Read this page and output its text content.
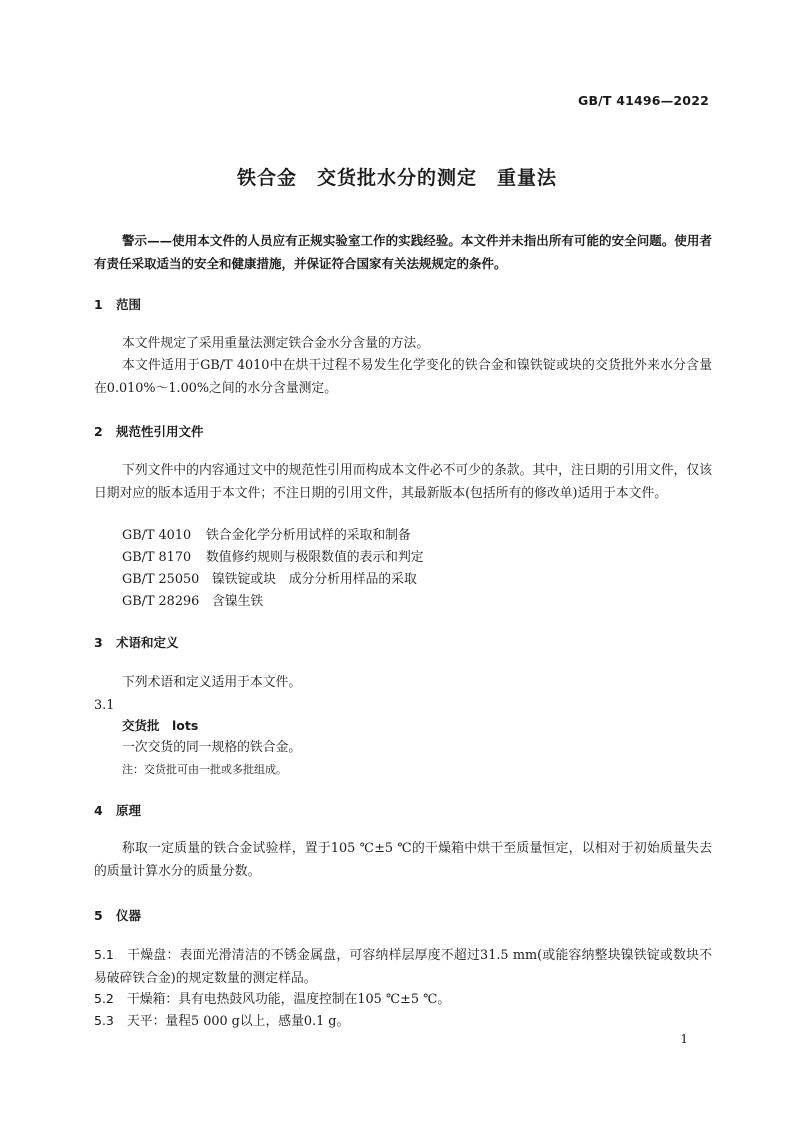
GB/T 41496—2022
铁合金　交货批水分的测定　重量法
警示——使用本文件的人员应有正规实验室工作的实践经验。本文件并未指出所有可能的安全问题。使用者有责任采取适当的安全和健康措施，并保证符合国家有关法规规定的条件。
1 范围
本文件规定了采用重量法测定铁合金水分含量的方法。
本文件适用于GB/T 4010中在烘干过程不易发生化学变化的铁合金和镍铁锭或块的交货批外来水分含量在0.010%～1.00%之间的水分含量测定。
2 规范性引用文件
下列文件中的内容通过文中的规范性引用而构成本文件必不可少的条款。其中，注日期的引用文件，仅该日期对应的版本适用于本文件；不注日期的引用文件，其最新版本(包括所有的修改单)适用于本文件。
GB/T 4010 铁合金化学分析用试样的采取和制备
GB/T 8170 数值修约规则与极限数值的表示和判定
GB/T 25050 镍铁锭或块　成分分析用样品的采取
GB/T 28296 含镍生铁
3 术语和定义
下列术语和定义适用于本文件。
3.1
交货批　lots
一次交货的同一规格的铁合金。
注：交货批可由一批或多批组成。
4 原理
称取一定质量的铁合金试验样，置于105 ℃±5 ℃的干燥箱中烘干至质量恒定，以相对于初始质量失去的质量计算水分的质量分数。
5 仪器
5.1 干燥盘：表面光滑清洁的不锈金属盘，可容纳样层厚度不超过31.5 mm(或能容纳整块镍铁锭或数块不易破碎铁合金)的规定数量的测定样品。
5.2 干燥箱：具有电热鼓风功能，温度控制在105 ℃±5 ℃。
5.3 天平：量程5 000 g以上，感量0.1 g。
1
